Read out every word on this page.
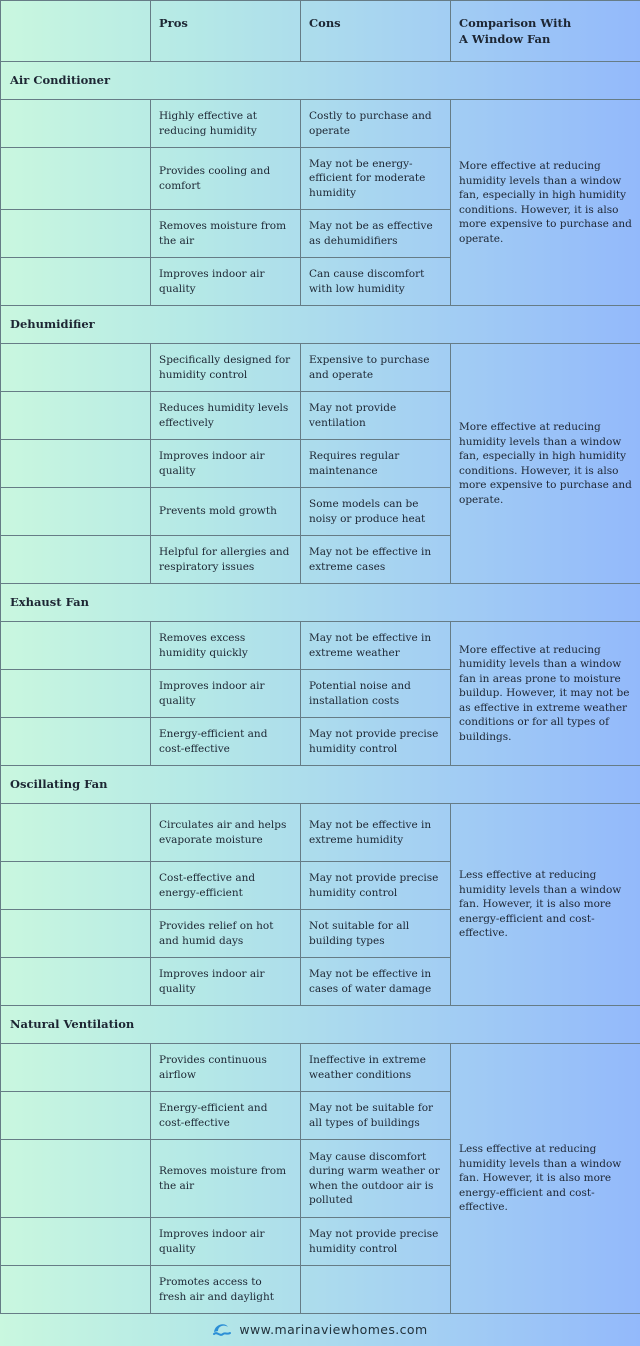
	Pros	Cons	Comparison With
A Window Fan
Air Conditioner			
	Highly effective at reducing humidity	Costly to purchase and operate	More effective at reducing humidity levels than a window fan, especially in high humidity conditions. However, it is also more expensive to purchase and operate.
	Provides cooling and comfort	May not be energy-efficient for moderate humidity	
	Removes moisture from the air	May not be as effective as dehumidifiers	
	Improves indoor air quality	Can cause discomfort with low humidity	
Dehumidifier			
	Specifically designed for humidity control	Expensive to purchase and operate	More effective at reducing humidity levels than a window fan, especially in high humidity conditions. However, it is also more expensive to purchase and operate.
	Reduces humidity levels effectively	May not provide ventilation	
	Improves indoor air quality	Requires regular maintenance	
	Prevents mold growth	Some models can be noisy or produce heat	
	Helpful for allergies and respiratory issues	May not be effective in extreme cases	
Exhaust Fan			
	Removes excess humidity quickly	May not be effective in extreme weather	More effective at reducing humidity levels than a window fan in areas prone to moisture buildup. However, it may not be as effective in extreme weather conditions or for all types of buildings.
	Improves indoor air quality	Potential noise and installation costs	
	Energy-efficient and cost-effective	May not provide precise humidity control	
Oscillating Fan			
	Circulates air and helps evaporate moisture	May not be effective in extreme humidity	Less effective at reducing humidity levels than a window fan. However, it is also more energy-efficient and cost-effective.
	Cost-effective and energy-efficient	May not provide precise humidity control	
	Provides relief on hot and humid days	Not suitable for all building types	
	Improves indoor air quality	May not be effective in cases of water damage	
Natural Ventilation			
	Provides continuous airflow	Ineffective in extreme weather conditions	Less effective at reducing humidity levels than a window fan. However, it is also more energy-efficient and cost-effective.
	Energy-efficient and cost-effective	May not be suitable for all types of buildings	
	Removes moisture from the air	May cause discomfort during warm weather or when the outdoor air is polluted	
	Improves indoor air quality	May not provide precise humidity control	
	Promotes access to fresh air and daylight		
www.marinaviewhomes.com
